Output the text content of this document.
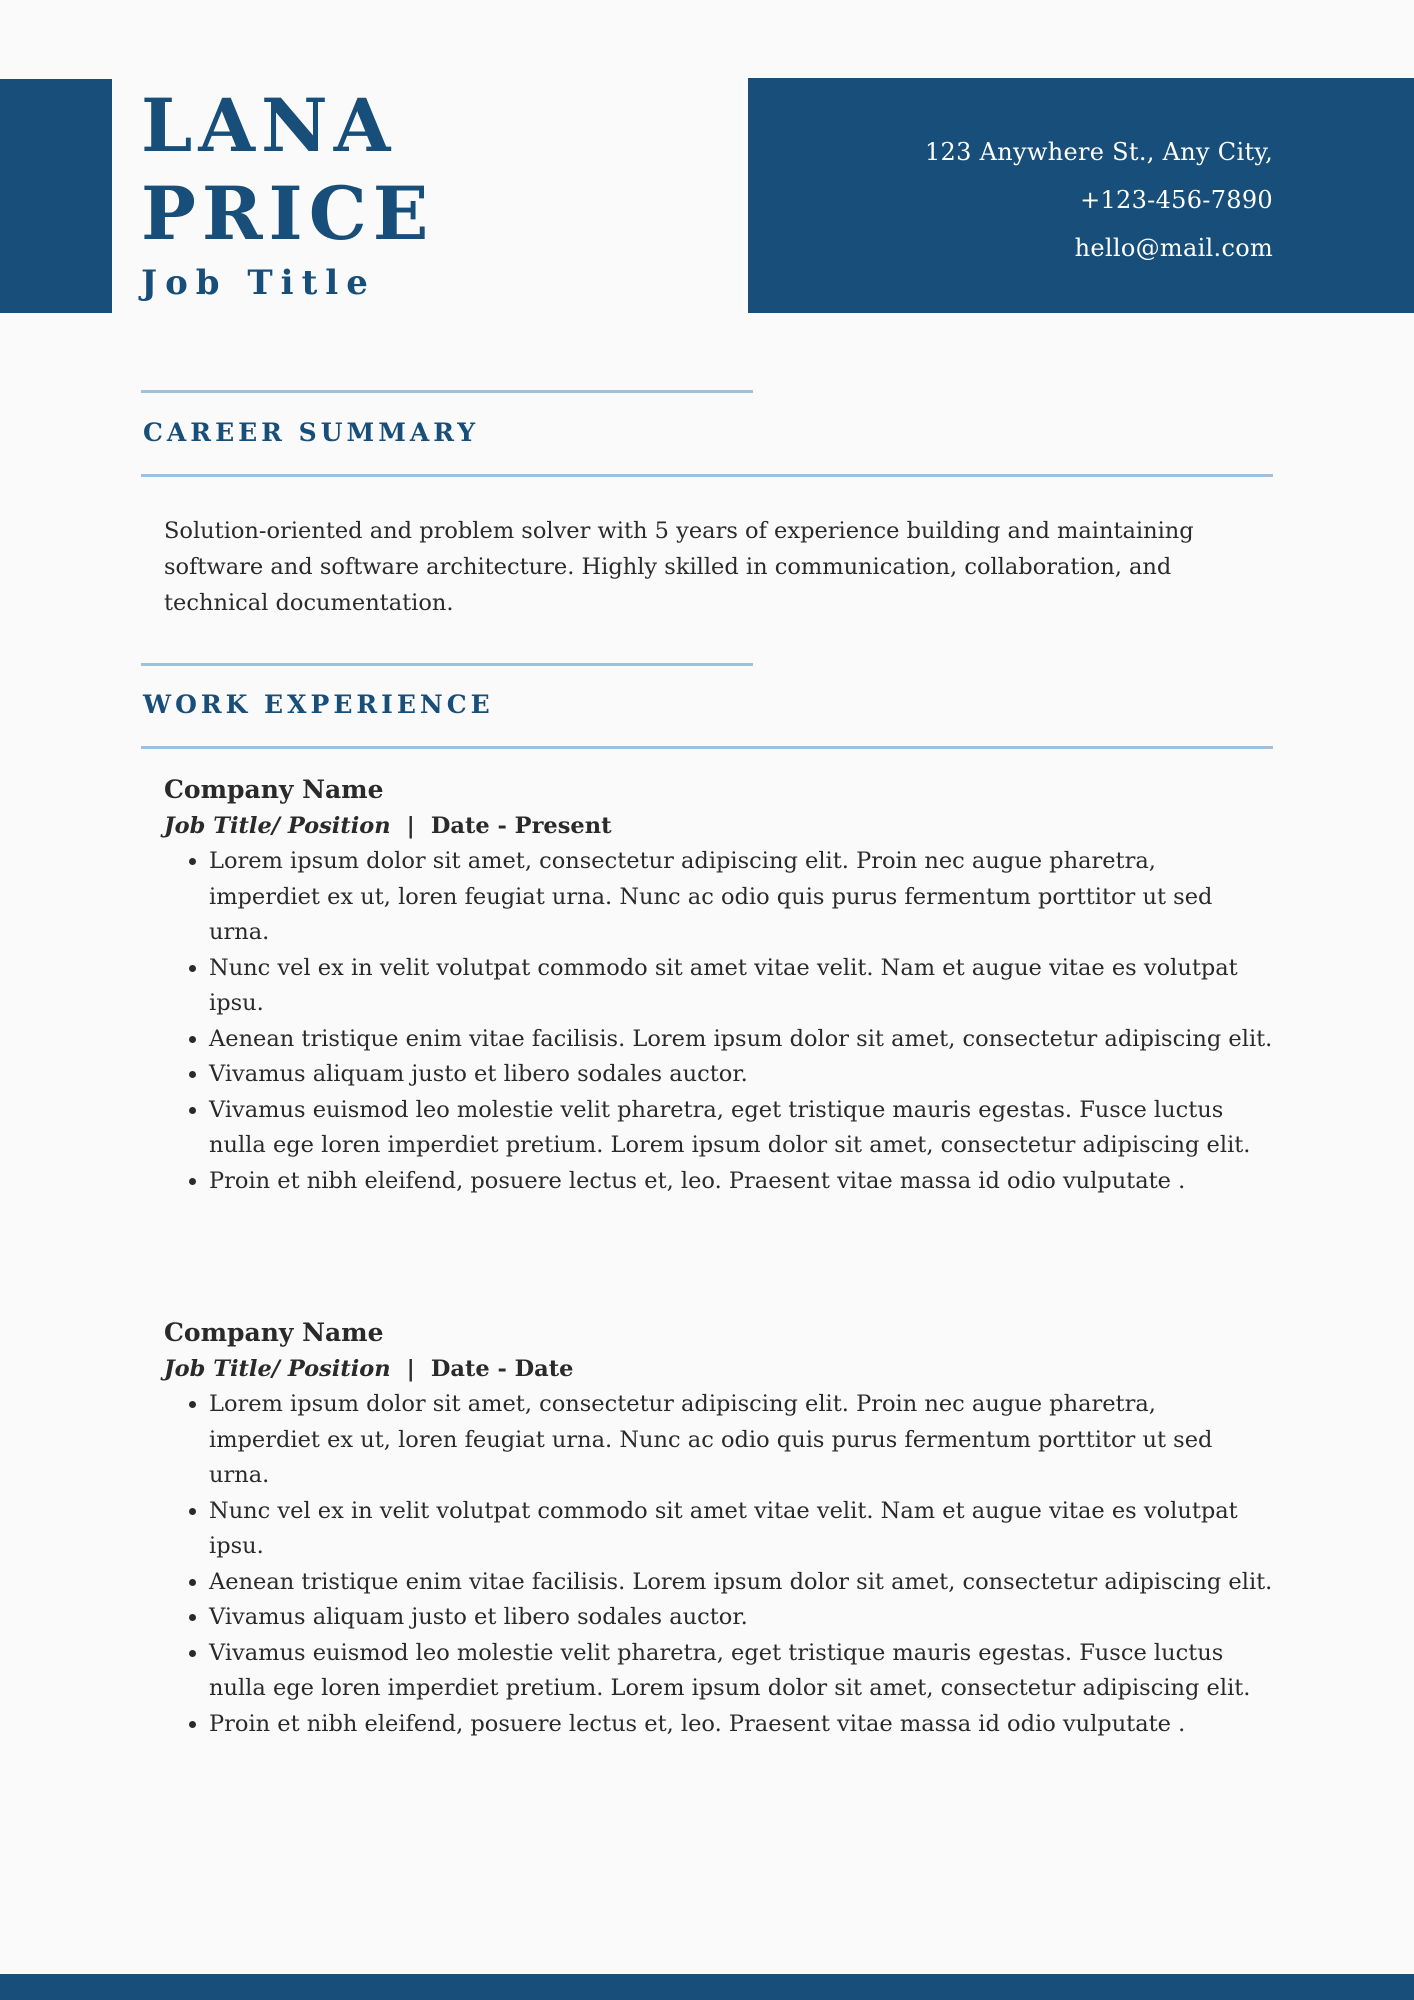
LANA
PRICE
Job Title
123 Anywhere St., Any City,
+123-456-7890
hello@mail.com
CAREER SUMMARY

Solution-oriented and problem solver with 5 years of experience building and maintaining software and software architecture. Highly skilled in communication, collaboration, and technical documentation.

WORK EXPERIENCE
Company Name
Job Title/ Position | Date - Present
• Lorem ipsum dolor sit amet, consectetur adipiscing elit. Proin nec augue pharetra, imperdiet ex ut, loren feugiat urna. Nunc ac odio quis purus fermentum porttitor ut sed urna.
• Nunc vel ex in velit volutpat commodo sit amet vitae velit. Nam et augue vitae es volutpat ipsu.
• Aenean tristique enim vitae facilisis. Lorem ipsum dolor sit amet, consectetur adipiscing elit.
• Vivamus aliquam justo et libero sodales auctor.
• Vivamus euismod leo molestie velit pharetra, eget tristique mauris egestas. Fusce luctus nulla ege loren imperdiet pretium. Lorem ipsum dolor sit amet, consectetur adipiscing elit.
• Proin et nibh eleifend, posuere lectus et, leo. Praesent vitae massa id odio vulputate .
Company Name
Job Title/ Position | Date - Date
• Lorem ipsum dolor sit amet, consectetur adipiscing elit. Proin nec augue pharetra, imperdiet ex ut, loren feugiat urna. Nunc ac odio quis purus fermentum porttitor ut sed urna.
• Nunc vel ex in velit volutpat commodo sit amet vitae velit. Nam et augue vitae es volutpat ipsu.
• Aenean tristique enim vitae facilisis. Lorem ipsum dolor sit amet, consectetur adipiscing elit.
• Vivamus aliquam justo et libero sodales auctor.
• Vivamus euismod leo molestie velit pharetra, eget tristique mauris egestas. Fusce luctus nulla ege loren imperdiet pretium. Lorem ipsum dolor sit amet, consectetur adipiscing elit.
• Proin et nibh eleifend, posuere lectus et, leo. Praesent vitae massa id odio vulputate .
